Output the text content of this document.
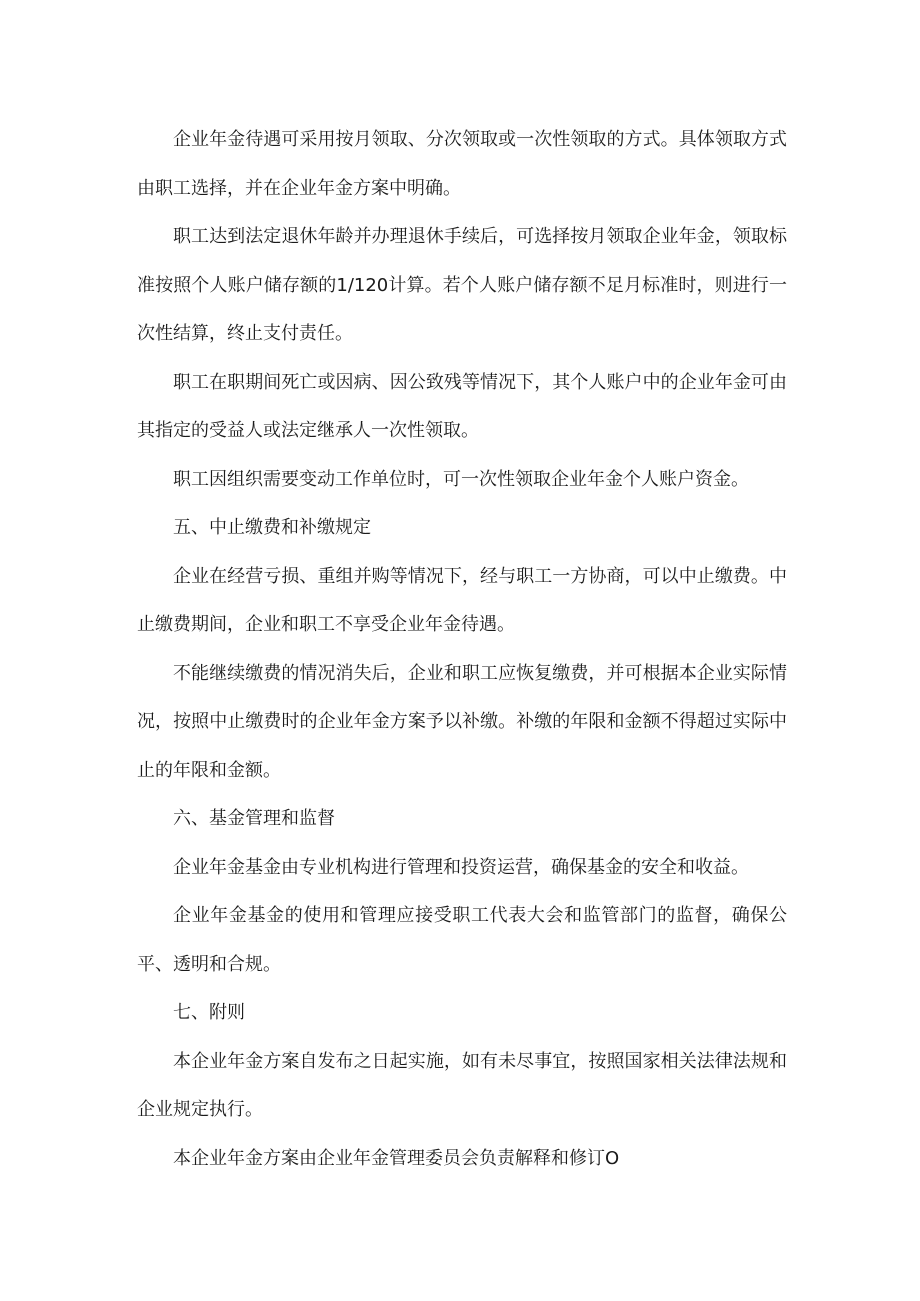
企业年金待遇可采用按月领取、分次领取或一次性领取的方式。具体领取方式由职工选择，并在企业年金方案中明确。

职工达到法定退休年龄并办理退休手续后，可选择按月领取企业年金，领取标准按照个人账户储存额的1/120计算。若个人账户储存额不足月标准时，则进行一次性结算，终止支付责任。

职工在职期间死亡或因病、因公致残等情况下，其个人账户中的企业年金可由其指定的受益人或法定继承人一次性领取。

职工因组织需要变动工作单位时，可一次性领取企业年金个人账户资金。

五、中止缴费和补缴规定

企业在经营亏损、重组并购等情况下，经与职工一方协商，可以中止缴费。中止缴费期间，企业和职工不享受企业年金待遇。

不能继续缴费的情况消失后，企业和职工应恢复缴费，并可根据本企业实际情况，按照中止缴费时的企业年金方案予以补缴。补缴的年限和金额不得超过实际中止的年限和金额。

六、基金管理和监督

企业年金基金由专业机构进行管理和投资运营，确保基金的安全和收益。

企业年金基金的使用和管理应接受职工代表大会和监管部门的监督，确保公平、透明和合规。

七、附则

本企业年金方案自发布之日起实施，如有未尽事宜，按照国家相关法律法规和企业规定执行。

本企业年金方案由企业年金管理委员会负责解释和修订O
